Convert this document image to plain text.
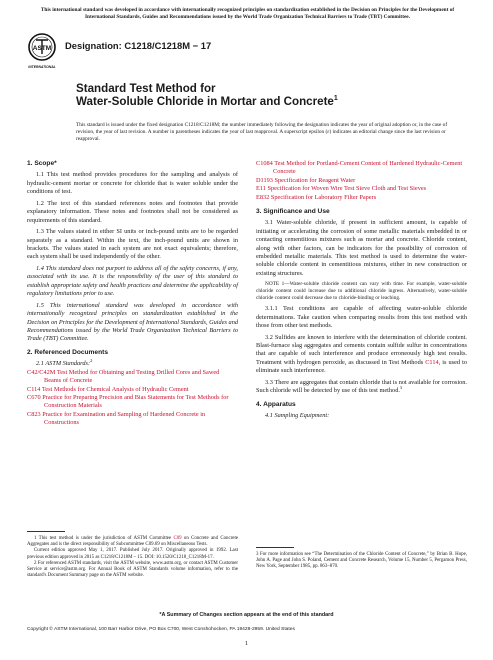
This international standard was developed in accordance with internationally recognized principles on standardization established in the Decision on Principles for the Development of International Standards, Guides and Recommendations issued by the World Trade Organization Technical Barriers to Trade (TBT) Committee.
ASTM
INTERNATIONAL
Designation: C1218/C1218M − 17
Standard Test Method for
Water-Soluble Chloride in Mortar and Concrete$^1$
This standard is issued under the fixed designation C1218/C1218M; the number immediately following the designation indicates the year of original adoption or, in the case of revision, the year of last revision. A number in parentheses indicates the year of last reapproval. A superscript epsilon (ε) indicates an editorial change since the last revision or reapproval.
1. Scope*
1.1 This test method provides procedures for the sampling and analysis of hydraulic-cement mortar or concrete for chloride that is water soluble under the conditions of test.
1.2 The text of this standard references notes and footnotes that provide explanatory information. These notes and footnotes shall not be considered as requirements of this standard.
1.3 The values stated in either SI units or inch-pound units are to be regarded separately as a standard. Within the text, the inch-pound units are shown in brackets. The values stated in each system are not exact equivalents; therefore, each system shall be used independently of the other.
1.4 This standard does not purport to address all of the safety concerns, if any, associated with its use. It is the responsibility of the user of this standard to establish appropriate safety and health practices and determine the applicability of regulatory limitations prior to use.
1.5 This international standard was developed in accordance with internationally recognized principles on standardization established in the Decision on Principles for the Development of International Standards, Guides and Recommendations issued by the World Trade Organization Technical Barriers to Trade (TBT) Committee.
2. Referenced Documents
2.1 ASTM Standards:$^2$
C42/C42M Test Method for Obtaining and Testing Drilled Cores and Sawed Beams of Concrete
C114 Test Methods for Chemical Analysis of Hydraulic Cement
C670 Practice for Preparing Precision and Bias Statements for Test Methods for Construction Materials
C823 Practice for Examination and Sampling of Hardened Concrete in Constructions
C1084 Test Method for Portland-Cement Content of Hardened Hydraulic-Cement Concrete
D1193 Specification for Reagent Water
E11 Specification for Woven Wire Test Sieve Cloth and Test Sieves
E832 Specification for Laboratory Filter Papers
3. Significance and Use
3.1 Water-soluble chloride, if present in sufficient amount, is capable of initiating or accelerating the corrosion of some metallic materials embedded in or contacting cementitious mixtures such as mortar and concrete. Chloride content, along with other factors, can be indicators for the possibility of corrosion of embedded metallic materials. This test method is used to determine the water-soluble chloride content in cementitious mixtures, either in new construction or existing structures.
NOTE 1—Water-soluble chloride content can vary with time. For example, water-soluble chloride content could increase due to additional chloride ingress. Alternatively, water-soluble chloride content could decrease due to chloride-binding or leaching.
3.1.1 Test conditions are capable of affecting water-soluble chloride determinations. Take caution when comparing results from this test method with those from other test methods.
3.2 Sulfides are known to interfere with the determination of chloride content. Blast-furnace slag aggregates and cements contain sulfide sulfur in concentrations that are capable of such interference and produce erroneously high test results. Treatment with hydrogen peroxide, as discussed in Test Methods C114, is used to eliminate such interference.
3.3 There are aggregates that contain chloride that is not available for corrosion. Such chloride will be detected by use of this test method.$^3$
4. Apparatus
4.1 Sampling Equipment:
1 This test method is under the jurisdiction of ASTM Committee C09 on Concrete and Concrete Aggregates and is the direct responsibility of Subcommittee C09.69 on Miscellaneous Tests.
Current edition approved May 1, 2017. Published July 2017. Originally approved in 1992. Last previous edition approved in 2015 as C1218/C1218M – 15. DOI: 10.1520/C1218_C1218M-17.
2 For referenced ASTM standards, visit the ASTM website, www.astm.org, or contact ASTM Customer Service at service@astm.org. For Annual Book of ASTM Standards volume information, refer to the standard's Document Summary page on the ASTM website.
3 For more information see “The Determination of the Chloride Content of Concrete,” by Brian B. Hope, John A. Page and John S. Poland, Cement and Concrete Research, Volume 15, Number 5, Pergamon Press, New York, September 1985, pp. 863–870.
*A Summary of Changes section appears at the end of this standard
Copyright © ASTM International, 100 Barr Harbor Drive, PO Box C700, West Conshohocken, PA 19428-2959. United States
1
